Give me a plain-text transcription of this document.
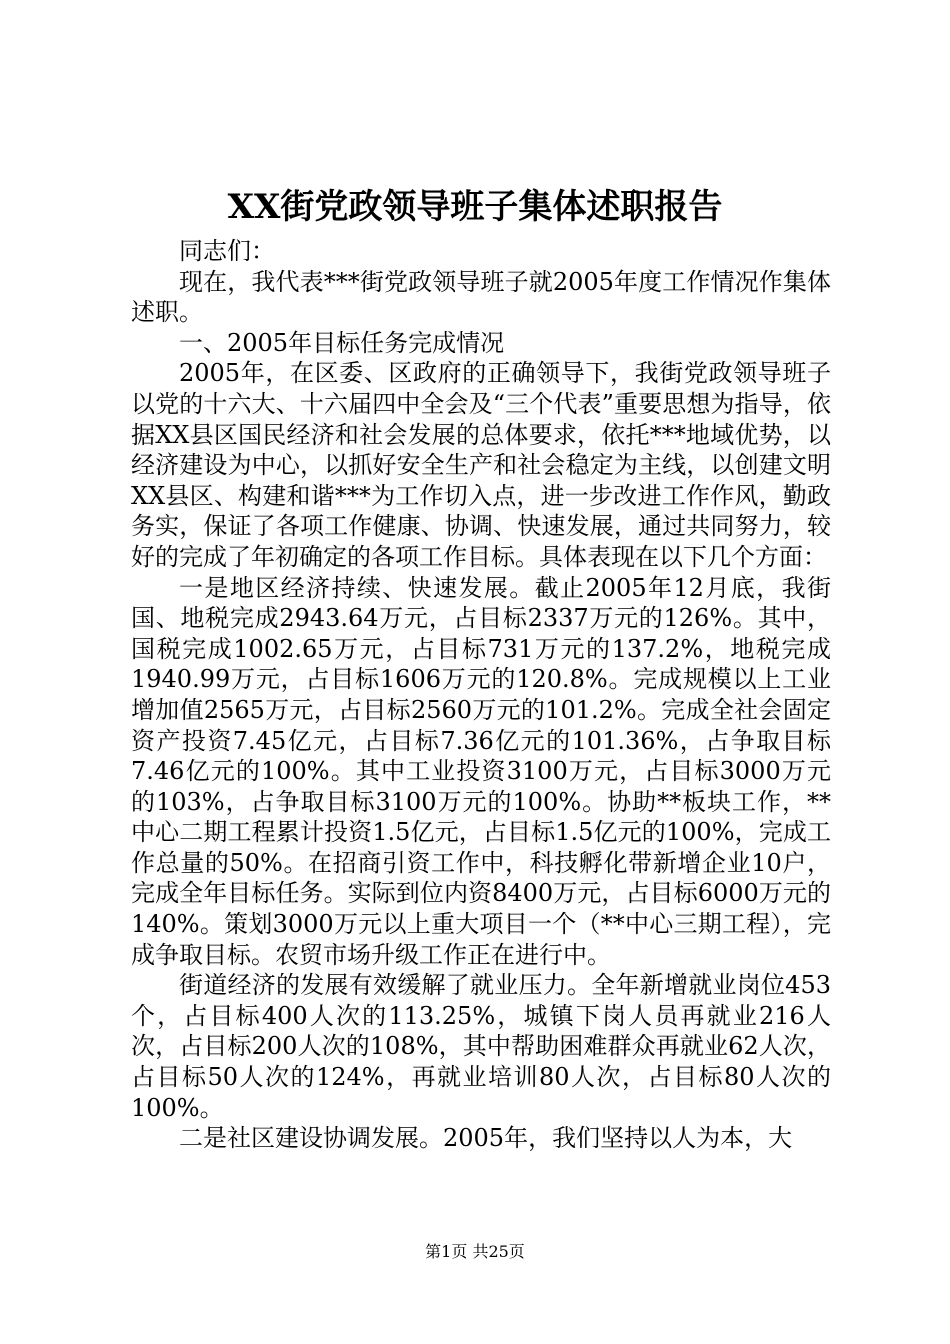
XX街党政领导班子集体述职报告

同志们：

现在，我代表***街党政领导班子就2005年度工作情况作集体述职。

一、2005年目标任务完成情况

2005年，在区委、区政府的正确领导下，我街党政领导班子以党的十六大、十六届四中全会及“三个代表”重要思想为指导，依据XX县区国民经济和社会发展的总体要求，依托***地域优势，以经济建设为中心，以抓好安全生产和社会稳定为主线，以创建文明XX县区、构建和谐***为工作切入点，进一步改进工作作风，勤政务实，保证了各项工作健康、协调、快速发展，通过共同努力，较好的完成了年初确定的各项工作目标。具体表现在以下几个方面：

一是地区经济持续、快速发展。截止2005年12月底，我街国、地税完成2943.64万元，占目标2337万元的126%。其中，国税完成1002.65万元，占目标731万元的137.2%，地税完成1940.99万元，占目标1606万元的120.8%。完成规模以上工业增加值2565万元，占目标2560万元的101.2%。完成全社会固定资产投资7.45亿元，占目标7.36亿元的101.36%，占争取目标7.46亿元的100%。其中工业投资3100万元，占目标3000万元的103%，占争取目标3100万元的100%。协助**板块工作，**中心二期工程累计投资1.5亿元，占目标1.5亿元的100%，完成工作总量的50%。在招商引资工作中，科技孵化带新增企业10户，完成全年目标任务。实际到位内资8400万元，占目标6000万元的140%。策划3000万元以上重大项目一个（**中心三期工程），完成争取目标。农贸市场升级工作正在进行中。

街道经济的发展有效缓解了就业压力。全年新增就业岗位453个，占目标400人次的113.25%，城镇下岗人员再就业216人次，占目标200人次的108%，其中帮助困难群众再就业62人次，占目标50人次的124%，再就业培训80人次，占目标80人次的100%。

二是社区建设协调发展。2005年，我们坚持以人为本，大

第1页 共25页
